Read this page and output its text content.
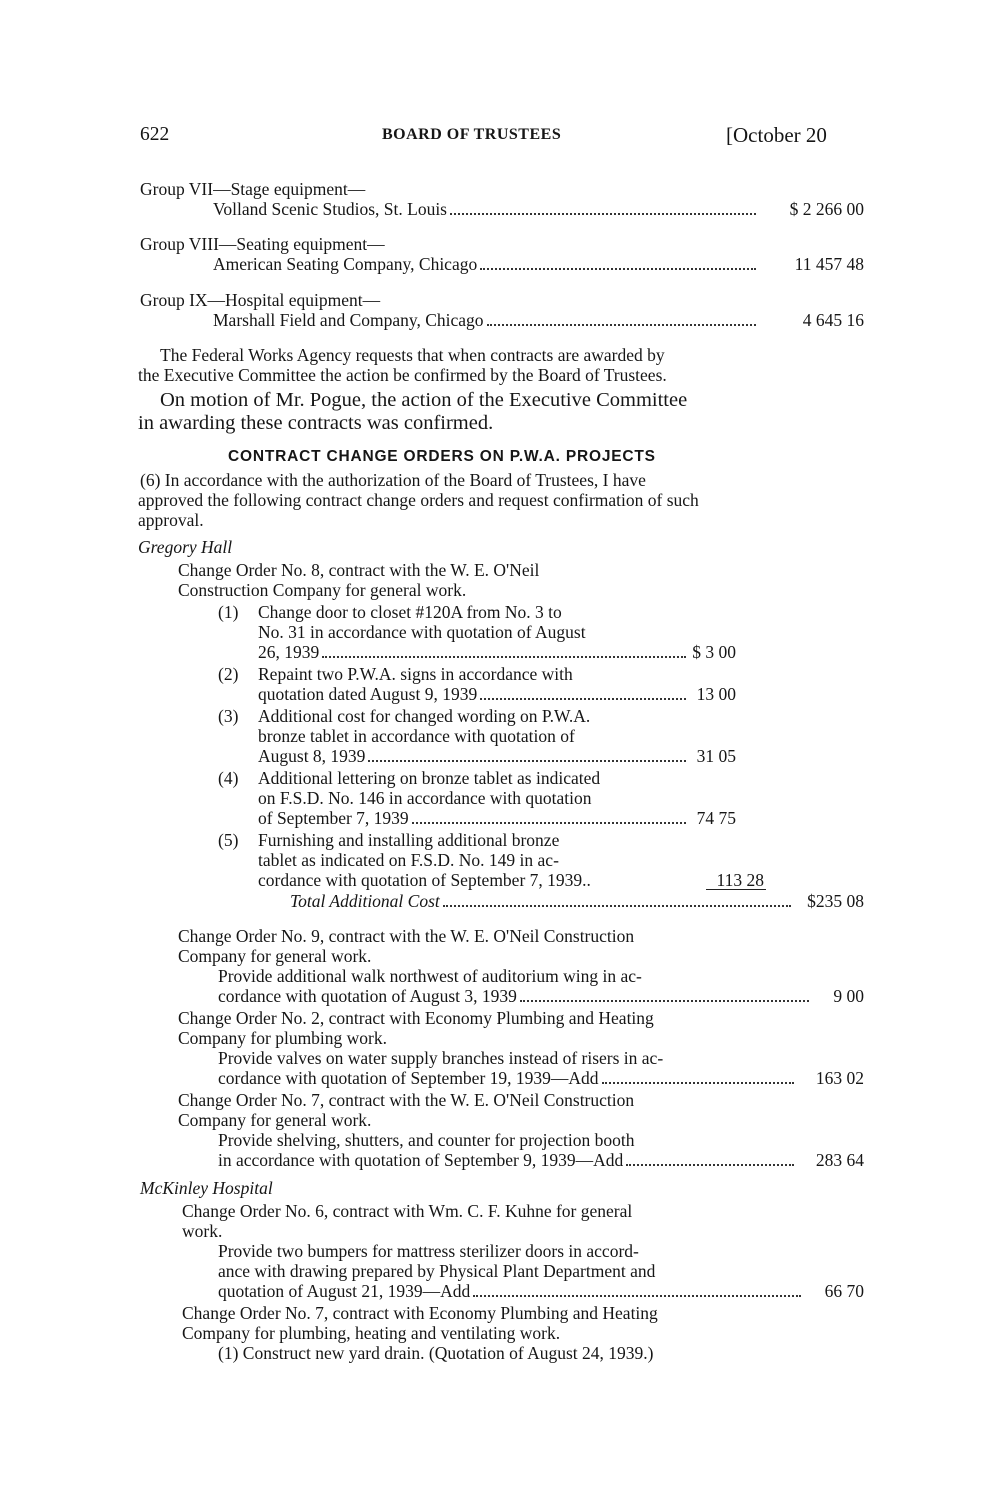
622	BOARD OF TRUSTEES	[October 20
Group VII—Stage equipment—
Volland Scenic Studios, St. Louis	$ 2 266 00
Group VIII—Seating equipment—
American Seating Company, Chicago	11 457 48
Group IX—Hospital equipment—
Marshall Field and Company, Chicago	4 645 16
The Federal Works Agency requests that when contracts are awarded by
the Executive Committee the action be confirmed by the Board of Trustees.
On motion of Mr. Pogue, the action of the Executive Committee
in awarding these contracts was confirmed.
CONTRACT CHANGE ORDERS ON P.W.A. PROJECTS
(6) In accordance with the authorization of the Board of Trustees, I have
approved the following contract change orders and request confirmation of such
approval.
Gregory Hall
Change Order No. 8, contract with the W. E. O'Neil
Construction Company for general work.
(1) Change door to closet #120A from No. 3 to
No. 31 in accordance with quotation of August
26, 1939	$ 3 00
(2) Repaint two P.W.A. signs in accordance with
quotation dated August 9, 1939	13 00
(3) Additional cost for changed wording on P.W.A.
bronze tablet in accordance with quotation of
August 8, 1939	31 05
(4) Additional lettering on bronze tablet as indicated
on F.S.D. No. 146 in accordance with quotation
of September 7, 1939	74 75
(5) Furnishing and installing additional bronze
tablet as indicated on F.S.D. No. 149 in ac-
cordance with quotation of September 7, 1939..	113 28
Total Additional Cost	$235 08
Change Order No. 9, contract with the W. E. O'Neil Construction
Company for general work.
Provide additional walk northwest of auditorium wing in ac-
cordance with quotation of August 3, 1939	9 00
Change Order No. 2, contract with Economy Plumbing and Heating
Company for plumbing work.
Provide valves on water supply branches instead of risers in ac-
cordance with quotation of September 19, 1939—Add	163 02
Change Order No. 7, contract with the W. E. O'Neil Construction
Company for general work.
Provide shelving, shutters, and counter for projection booth
in accordance with quotation of September 9, 1939—Add	283 64
McKinley Hospital
Change Order No. 6, contract with Wm. C. F. Kuhne for general
work.
Provide two bumpers for mattress sterilizer doors in accord-
ance with drawing prepared by Physical Plant Department and
quotation of August 21, 1939—Add	66 70
Change Order No. 7, contract with Economy Plumbing and Heating
Company for plumbing, heating and ventilating work.
(1) Construct new yard drain. (Quotation of August 24, 1939.)
